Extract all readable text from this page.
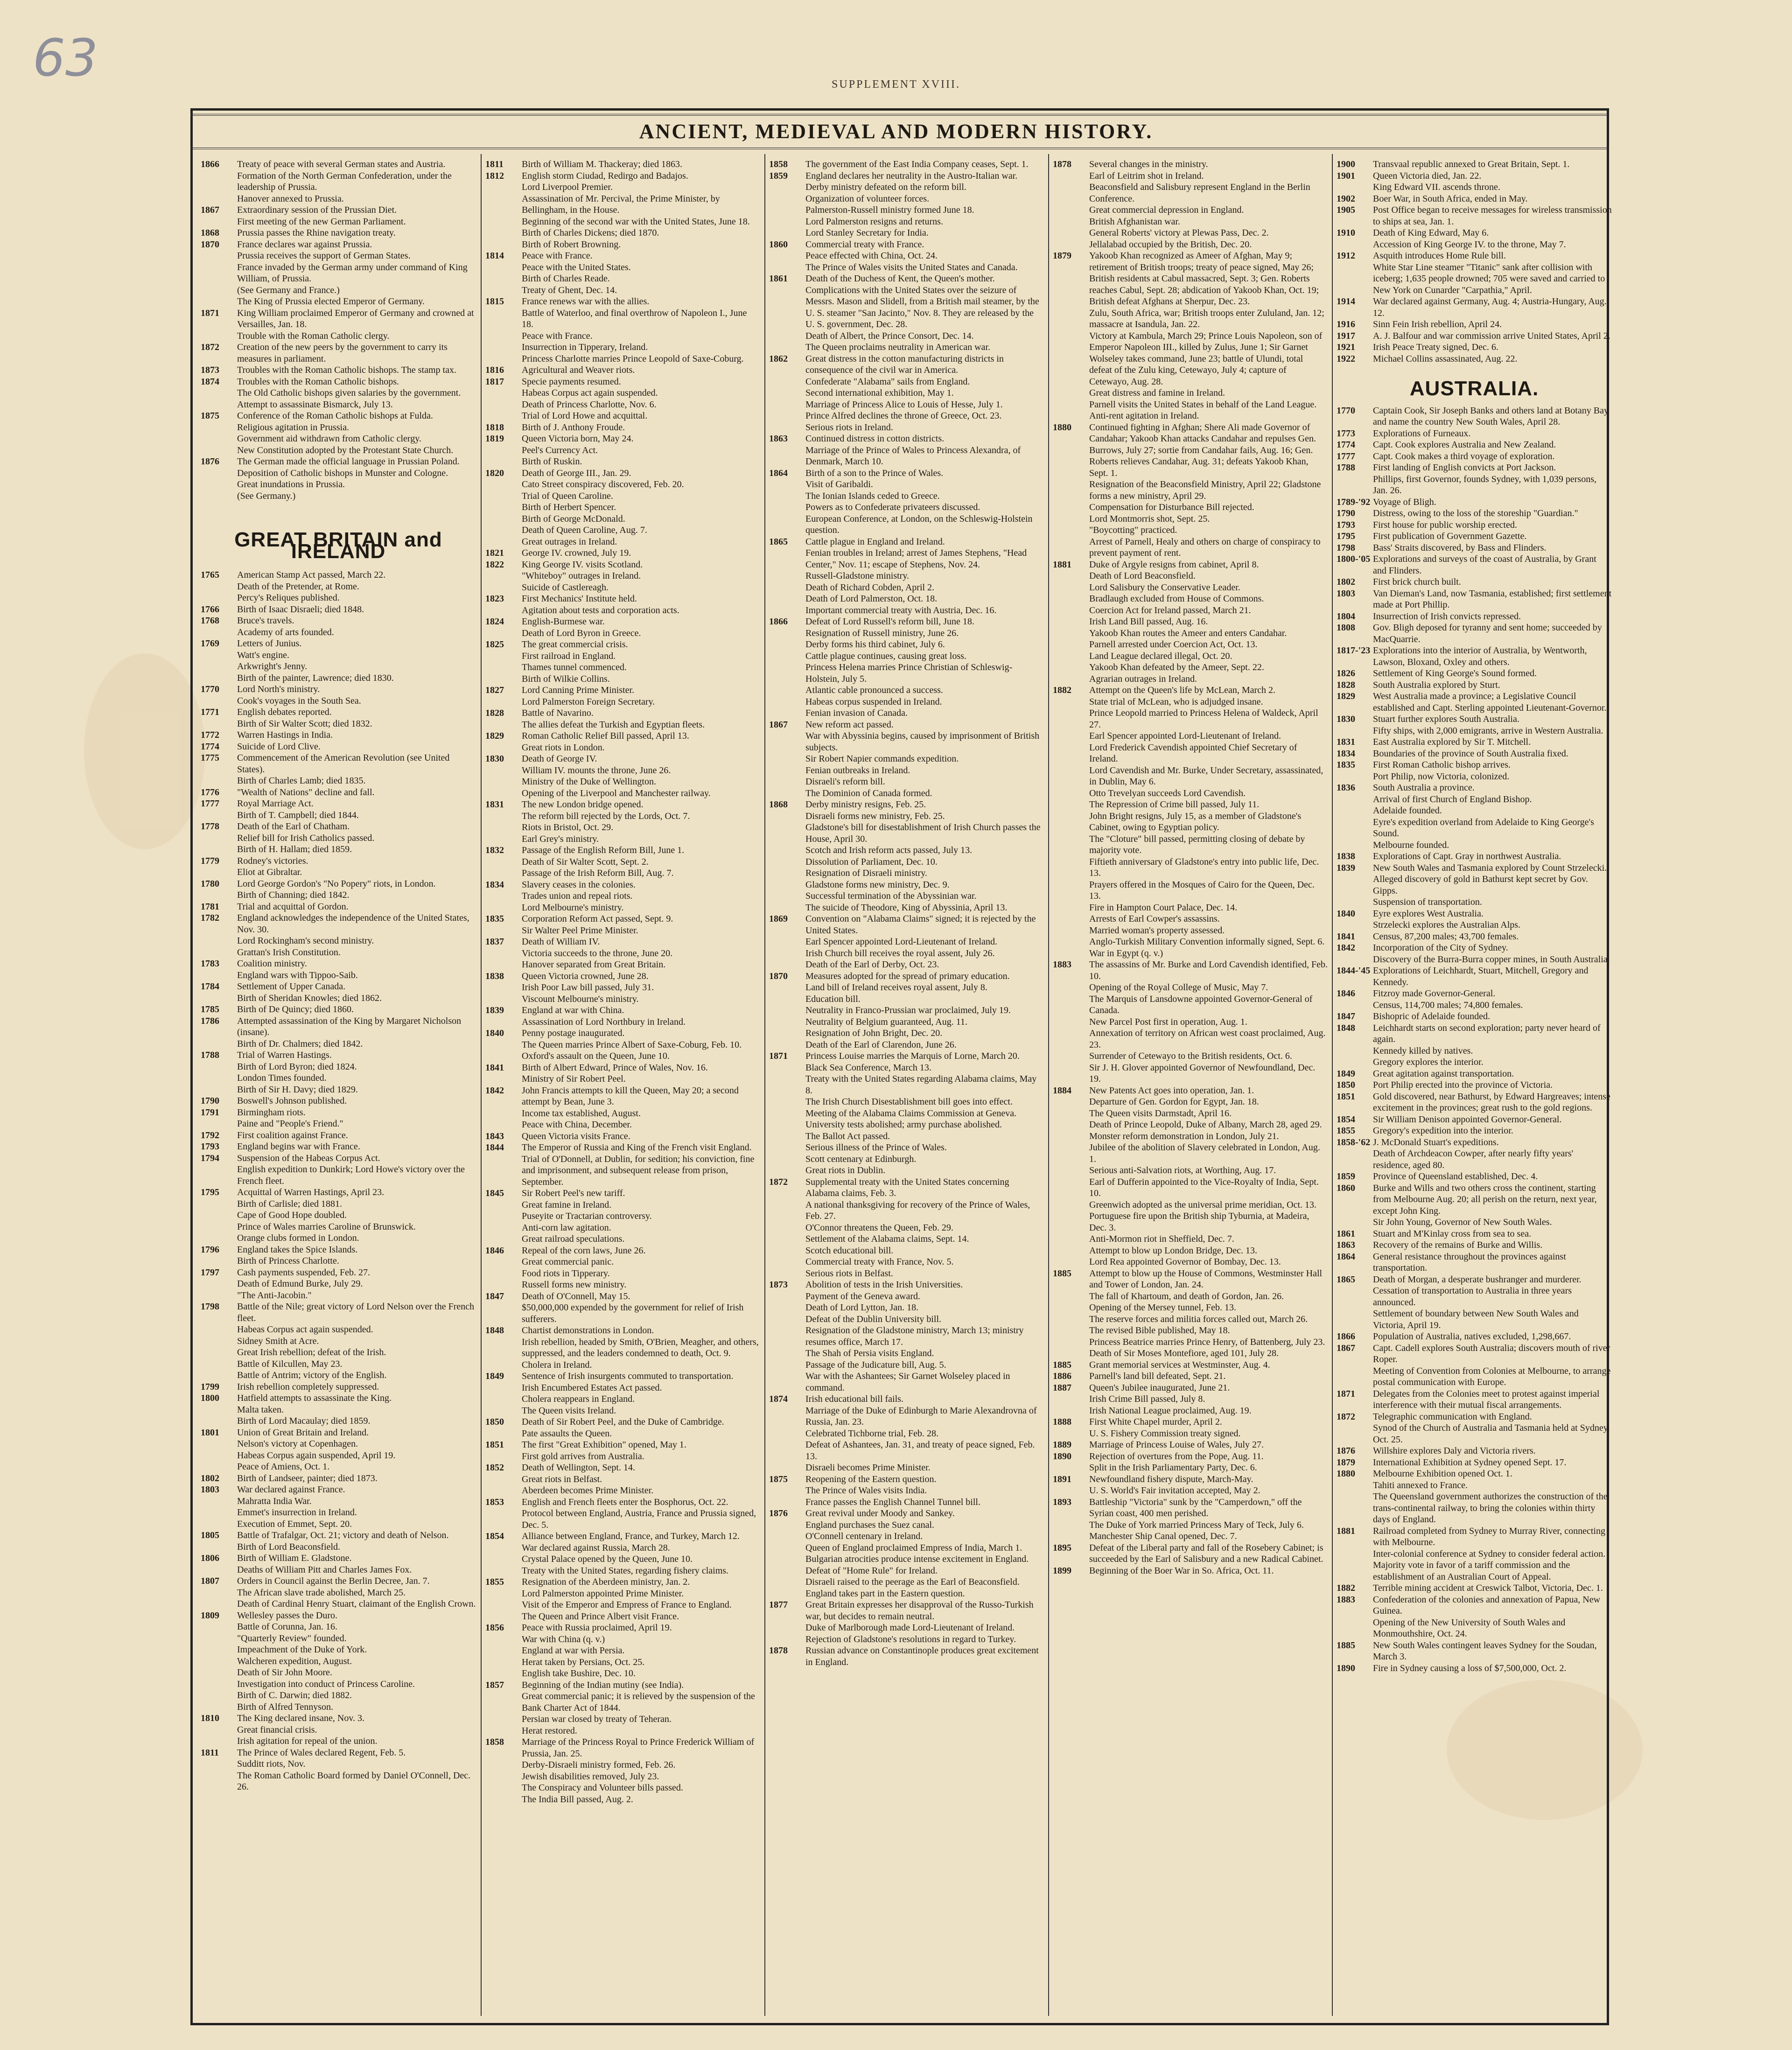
63	SUPPLEMENT XVIII.
ANCIENT, MEDIEVAL AND MODERN HISTORY.
1866	Treaty of peace with several German states and Austria.
Formation of the North German Confederation, under the leadership of Prussia.
Hanover annexed to Prussia.
1867	Extraordinary session of the Prussian Diet.
First meeting of the new German Parliament.
1868	Prussia passes the Rhine navigation treaty.
1870	France declares war against Prussia.
Prussia receives the support of German States.
France invaded by the German army under command of King William, of Prussia.
(See Germany and France.)
The King of Prussia elected Emperor of Germany.
1871	King William proclaimed Emperor of Germany and crowned at Versailles, Jan. 18.
Trouble with the Roman Catholic clergy.
1872	Creation of the new peers by the government to carry its measures in parliament.
1873	Troubles with the Roman Catholic bishops. The stamp tax.
1874	Troubles with the Roman Catholic bishops.
The Old Catholic bishops given salaries by the government.
Attempt to assassinate Bismarck, July 13.
1875	Conference of the Roman Catholic bishops at Fulda.
Religious agitation in Prussia.
Government aid withdrawn from Catholic clergy.
New Constitution adopted by the Protestant State Church.
1876	The German made the official language in Prussian Poland.
Deposition of Catholic bishops in Munster and Cologne.
Great inundations in Prussia.
(See Germany.)
GREAT BRITAIN and IRELAND
1765	American Stamp Act passed, March 22.
Death of the Pretender, at Rome.
Percy's Reliques published.
1766	Birth of Isaac Disraeli; died 1848.
1768	Bruce's travels.
Academy of arts founded.
1769	Letters of Junius.
Watt's engine.
Arkwright's Jenny.
Birth of the painter, Lawrence; died 1830.
1770	Lord North's ministry.
Cook's voyages in the South Sea.
1771	English debates reported.
Birth of Sir Walter Scott; died 1832.
1772	Warren Hastings in India.
1774	Suicide of Lord Clive.
1775	Commencement of the American Revolution (see United States).
Birth of Charles Lamb; died 1835.
1776	"Wealth of Nations" decline and fall.
1777	Royal Marriage Act.
Birth of T. Campbell; died 1844.
1778	Death of the Earl of Chatham.
Relief bill for Irish Catholics passed.
Birth of H. Hallam; died 1859.
1779	Rodney's victories.
Eliot at Gibraltar.
1780	Lord George Gordon's "No Popery" riots, in London.
Birth of Channing; died 1842.
1781	Trial and acquittal of Gordon.
1782	England acknowledges the independence of the United States, Nov. 30.
Lord Rockingham's second ministry.
Grattan's Irish Constitution.
1783	Coalition ministry.
England wars with Tippoo-Saib.
1784	Settlement of Upper Canada.
Birth of Sheridan Knowles; died 1862.
1785	Birth of De Quincy; died 1860.
1786	Attempted assassination of the King by Margaret Nicholson (insane).
Birth of Dr. Chalmers; died 1842.
1788	Trial of Warren Hastings.
Birth of Lord Byron; died 1824.
London Times founded.
Birth of Sir H. Davy; died 1829.
1790	Boswell's Johnson published.
1791	Birmingham riots.
Paine and "People's Friend."
1792	First coalition against France.
1793	England begins war with France.
1794	Suspension of the Habeas Corpus Act.
English expedition to Dunkirk; Lord Howe's victory over the French fleet.
1795	Acquittal of Warren Hastings, April 23.
Birth of Carlisle; died 1881.
Cape of Good Hope doubled.
Prince of Wales marries Caroline of Brunswick.
Orange clubs formed in London.
1796	England takes the Spice Islands.
Birth of Princess Charlotte.
1797	Cash payments suspended, Feb. 27.
Death of Edmund Burke, July 29.
"The Anti-Jacobin."
1798	Battle of the Nile; great victory of Lord Nelson over the French fleet.
Habeas Corpus act again suspended.
Sidney Smith at Acre.
Great Irish rebellion; defeat of the Irish.
Battle of Kilcullen, May 23.
Battle of Antrim; victory of the English.
1799	Irish rebellion completely suppressed.
1800	Hatfield attempts to assassinate the King.
Malta taken.
Birth of Lord Macaulay; died 1859.
1801	Union of Great Britain and Ireland.
Nelson's victory at Copenhagen.
Habeas Corpus again suspended, April 19.
Peace of Amiens, Oct. 1.
1802	Birth of Landseer, painter; died 1873.
1803	War declared against France.
Mahratta India War.
Emmet's insurrection in Ireland.
Execution of Emmet, Sept. 20.
1805	Battle of Trafalgar, Oct. 21; victory and death of Nelson.
Birth of Lord Beaconsfield.
1806	Birth of William E. Gladstone.
Deaths of William Pitt and Charles James Fox.
1807	Orders in Council against the Berlin Decree, Jan. 7.
The African slave trade abolished, March 25.
Death of Cardinal Henry Stuart, claimant of the English Crown.
1809	Wellesley passes the Duro.
Battle of Corunna, Jan. 16.
"Quarterly Review" founded.
Impeachment of the Duke of York.
Walcheren expedition, August.
Death of Sir John Moore.
Investigation into conduct of Princess Caroline.
Birth of C. Darwin; died 1882.
Birth of Alfred Tennyson.
1810	The King declared insane, Nov. 3.
Great financial crisis.
Irish agitation for repeal of the union.
1811	The Prince of Wales declared Regent, Feb. 5.
Sudditt riots, Nov.
The Roman Catholic Board formed by Daniel O'Connell, Dec. 26.
1811	Birth of William M. Thackeray; died 1863.
1812	English storm Ciudad, Redirgo and Badajos.
Lord Liverpool Premier.
Assassination of Mr. Percival, the Prime Minister, by Bellingham, in the House.
Beginning of the second war with the United States, June 18.
Birth of Charles Dickens; died 1870.
Birth of Robert Browning.
1814	Peace with France.
Peace with the United States.
Birth of Charles Reade.
Treaty of Ghent, Dec. 14.
1815	France renews war with the allies.
Battle of Waterloo, and final overthrow of Napoleon I., June 18.
Peace with France.
Insurrection in Tipperary, Ireland.
Princess Charlotte marries Prince Leopold of Saxe-Coburg.
1816	Agricultural and Weaver riots.
1817	Specie payments resumed.
Habeas Corpus act again suspended.
Death of Princess Charlotte, Nov. 6.
Trial of Lord Howe and acquittal.
1818	Birth of J. Anthony Froude.
1819	Queen Victoria born, May 24.
Peel's Currency Act.
Birth of Ruskin.
1820	Death of George III., Jan. 29.
Cato Street conspiracy discovered, Feb. 20.
Trial of Queen Caroline.
Birth of Herbert Spencer.
Birth of George McDonald.
Death of Queen Caroline, Aug. 7.
Great outrages in Ireland.
1821	George IV. crowned, July 19.
1822	King George IV. visits Scotland.
"Whiteboy" outrages in Ireland.
Suicide of Castlereagh.
1823	First Mechanics' Institute held.
Agitation about tests and corporation acts.
1824	English-Burmese war.
Death of Lord Byron in Greece.
1825	The great commercial crisis.
First railroad in England.
Thames tunnel commenced.
Birth of Wilkie Collins.
1827	Lord Canning Prime Minister.
Lord Palmerston Foreign Secretary.
1828	Battle of Navarino.
The allies defeat the Turkish and Egyptian fleets.
1829	Roman Catholic Relief Bill passed, April 13.
Great riots in London.
1830	Death of George IV.
William IV. mounts the throne, June 26.
Ministry of the Duke of Wellington.
Opening of the Liverpool and Manchester railway.
1831	The new London bridge opened.
The reform bill rejected by the Lords, Oct. 7.
Riots in Bristol, Oct. 29.
Earl Grey's ministry.
1832	Passage of the English Reform Bill, June 1.
Death of Sir Walter Scott, Sept. 2.
Passage of the Irish Reform Bill, Aug. 7.
1834	Slavery ceases in the colonies.
Trades union and repeal riots.
Lord Melbourne's ministry.
1835	Corporation Reform Act passed, Sept. 9.
Sir Walter Peel Prime Minister.
1837	Death of William IV.
Victoria succeeds to the throne, June 20.
Hanover separated from Great Britain.
1838	Queen Victoria crowned, June 28.
Irish Poor Law bill passed, July 31.
Viscount Melbourne's ministry.
1839	England at war with China.
Assassination of Lord Northbury in Ireland.
1840	Penny postage inaugurated.
The Queen marries Prince Albert of Saxe-Coburg, Feb. 10.
Oxford's assault on the Queen, June 10.
1841	Birth of Albert Edward, Prince of Wales, Nov. 16.
Ministry of Sir Robert Peel.
1842	John Francis attempts to kill the Queen, May 20; a second attempt by Bean, June 3.
Income tax established, August.
Peace with China, December.
1843	Queen Victoria visits France.
1844	The Emperor of Russia and King of the French visit England.
Trial of O'Donnell, at Dublin, for sedition; his conviction, fine and imprisonment, and subsequent release from prison, September.
1845	Sir Robert Peel's new tariff.
Great famine in Ireland.
Puseyite or Tractarian controversy.
Anti-corn law agitation.
Great railroad speculations.
1846	Repeal of the corn laws, June 26.
Great commercial panic.
Food riots in Tipperary.
Russell forms new ministry.
1847	Death of O'Connell, May 15.
$50,000,000 expended by the government for relief of Irish sufferers.
1848	Chartist demonstrations in London.
Irish rebellion, headed by Smith, O'Brien, Meagher, and others, suppressed, and the leaders condemned to death, Oct. 9.
Cholera in Ireland.
1849	Sentence of Irish insurgents commuted to transportation.
Irish Encumbered Estates Act passed.
Cholera reappears in England.
The Queen visits Ireland.
1850	Death of Sir Robert Peel, and the Duke of Cambridge.
Pate assaults the Queen.
1851	The first "Great Exhibition" opened, May 1.
First gold arrives from Australia.
1852	Death of Wellington, Sept. 14.
Great riots in Belfast.
Aberdeen becomes Prime Minister.
1853	English and French fleets enter the Bosphorus, Oct. 22.
Protocol between England, Austria, France and Prussia signed, Dec. 5.
1854	Alliance between England, France, and Turkey, March 12.
War declared against Russia, March 28.
Crystal Palace opened by the Queen, June 10.
Treaty with the United States, regarding fishery claims.
1855	Resignation of the Aberdeen ministry, Jan. 2.
Lord Palmerston appointed Prime Minister.
Visit of the Emperor and Empress of France to England.
The Queen and Prince Albert visit France.
1856	Peace with Russia proclaimed, April 19.
War with China (q. v.)
England at war with Persia.
Herat taken by Persians, Oct. 25.
English take Bushire, Dec. 10.
1857	Beginning of the Indian mutiny (see India).
Great commercial panic; it is relieved by the suspension of the Bank Charter Act of 1844.
Persian war closed by treaty of Teheran.
Herat restored.
1858	Marriage of the Princess Royal to Prince Frederick William of Prussia, Jan. 25.
Derby-Disraeli ministry formed, Feb. 26.
Jewish disabilities removed, July 23.
The Conspiracy and Volunteer bills passed.
The India Bill passed, Aug. 2.
1858	The government of the East India Company ceases, Sept. 1.
1859	England declares her neutrality in the Austro-Italian war.
Derby ministry defeated on the reform bill.
Organization of volunteer forces.
Palmerston-Russell ministry formed June 18.
Lord Palmerston resigns and returns.
Lord Stanley Secretary for India.
1860	Commercial treaty with France.
Peace effected with China, Oct. 24.
The Prince of Wales visits the United States and Canada.
1861	Death of the Duchess of Kent, the Queen's mother.
Complications with the United States over the seizure of Messrs. Mason and Slidell, from a British mail steamer, by the U. S. steamer "San Jacinto," Nov. 8. They are released by the U. S. government, Dec. 28.
Death of Albert, the Prince Consort, Dec. 14.
The Queen proclaims neutrality in American war.
1862	Great distress in the cotton manufacturing districts in consequence of the civil war in America.
Confederate "Alabama" sails from England.
Second international exhibition, May 1.
Marriage of Princess Alice to Louis of Hesse, July 1.
Prince Alfred declines the throne of Greece, Oct. 23.
Serious riots in Ireland.
1863	Continued distress in cotton districts.
Marriage of the Prince of Wales to Princess Alexandra, of Denmark, March 10.
1864	Birth of a son to the Prince of Wales.
Visit of Garibaldi.
The Ionian Islands ceded to Greece.
Powers as to Confederate privateers discussed.
European Conference, at London, on the Schleswig-Holstein question.
1865	Cattle plague in England and Ireland.
Fenian troubles in Ireland; arrest of James Stephens, "Head Center," Nov. 11; escape of Stephens, Nov. 24.
Russell-Gladstone ministry.
Death of Richard Cobden, April 2.
Death of Lord Palmerston, Oct. 18.
Important commercial treaty with Austria, Dec. 16.
1866	Defeat of Lord Russell's reform bill, June 18.
Resignation of Russell ministry, June 26.
Derby forms his third cabinet, July 6.
Cattle plague continues, causing great loss.
Princess Helena marries Prince Christian of Schleswig-Holstein, July 5.
Atlantic cable pronounced a success.
Habeas corpus suspended in Ireland.
Fenian invasion of Canada.
1867	New reform act passed.
War with Abyssinia begins, caused by imprisonment of British subjects.
Sir Robert Napier commands expedition.
Fenian outbreaks in Ireland.
Disraeli's reform bill.
The Dominion of Canada formed.
1868	Derby ministry resigns, Feb. 25.
Disraeli forms new ministry, Feb. 25.
Gladstone's bill for disestablishment of Irish Church passes the House, April 30.
Scotch and Irish reform acts passed, July 13.
Dissolution of Parliament, Dec. 10.
Resignation of Disraeli ministry.
Gladstone forms new ministry, Dec. 9.
Successful termination of the Abyssinian war.
The suicide of Theodore, King of Abyssinia, April 13.
1869	Convention on "Alabama Claims" signed; it is rejected by the United States.
Earl Spencer appointed Lord-Lieutenant of Ireland.
Irish Church bill receives the royal assent, July 26.
Death of the Earl of Derby, Oct. 23.
1870	Measures adopted for the spread of primary education.
Land bill of Ireland receives royal assent, July 8.
Education bill.
Neutrality in Franco-Prussian war proclaimed, July 19.
Neutrality of Belgium guaranteed, Aug. 11.
Resignation of John Bright, Dec. 20.
Death of the Earl of Clarendon, June 26.
1871	Princess Louise marries the Marquis of Lorne, March 20.
Black Sea Conference, March 13.
Treaty with the United States regarding Alabama claims, May 8.
The Irish Church Disestablishment bill goes into effect.
Meeting of the Alabama Claims Commission at Geneva.
University tests abolished; army purchase abolished.
The Ballot Act passed.
Serious illness of the Prince of Wales.
Scott centenary at Edinburgh.
Great riots in Dublin.
1872	Supplemental treaty with the United States concerning Alabama claims, Feb. 3.
A national thanksgiving for recovery of the Prince of Wales, Feb. 27.
O'Connor threatens the Queen, Feb. 29.
Settlement of the Alabama claims, Sept. 14.
Scotch educational bill.
Commercial treaty with France, Nov. 5.
Serious riots in Belfast.
1873	Abolition of tests in the Irish Universities.
Payment of the Geneva award.
Death of Lord Lytton, Jan. 18.
Defeat of the Dublin University bill.
Resignation of the Gladstone ministry, March 13; ministry resumes office, March 17.
The Shah of Persia visits England.
Passage of the Judicature bill, Aug. 5.
War with the Ashantees; Sir Garnet Wolseley placed in command.
1874	Irish educational bill fails.
Marriage of the Duke of Edinburgh to Marie Alexandrovna of Russia, Jan. 23.
Celebrated Tichborne trial, Feb. 28.
Defeat of Ashantees, Jan. 31, and treaty of peace signed, Feb. 13.
Disraeli becomes Prime Minister.
1875	Reopening of the Eastern question.
The Prince of Wales visits India.
France passes the English Channel Tunnel bill.
1876	Great revival under Moody and Sankey.
England purchases the Suez canal.
O'Connell centenary in Ireland.
Queen of England proclaimed Empress of India, March 1.
Bulgarian atrocities produce intense excitement in England.
Defeat of "Home Rule" for Ireland.
Disraeli raised to the peerage as the Earl of Beaconsfield.
England takes part in the Eastern question.
1877	Great Britain expresses her disapproval of the Russo-Turkish war, but decides to remain neutral.
Duke of Marlborough made Lord-Lieutenant of Ireland.
Rejection of Gladstone's resolutions in regard to Turkey.
1878	Russian advance on Constantinople produces great excitement in England.
1878	Several changes in the ministry.
Earl of Leitrim shot in Ireland.
Beaconsfield and Salisbury represent England in the Berlin Conference.
Great commercial depression in England.
British Afghanistan war.
General Roberts' victory at Plewas Pass, Dec. 2.
Jellalabad occupied by the British, Dec. 20.
1879	Yakoob Khan recognized as Ameer of Afghan, May 9; retirement of British troops; treaty of peace signed, May 26; British residents at Cabul massacred, Sept. 3; Gen. Roberts reaches Cabul, Sept. 28; abdication of Yakoob Khan, Oct. 19; British defeat Afghans at Sherpur, Dec. 23.
Zulu, South Africa, war; British troops enter Zululand, Jan. 12; massacre at Isandula, Jan. 22.
Victory at Kambula, March 29; Prince Louis Napoleon, son of Emperor Napoleon III., killed by Zulus, June 1; Sir Garnet Wolseley takes command, June 23; battle of Ulundi, total defeat of the Zulu king, Cetewayo, July 4; capture of Cetewayo, Aug. 28.
Great distress and famine in Ireland.
Parnell visits the United States in behalf of the Land League.
Anti-rent agitation in Ireland.
1880	Continued fighting in Afghan; Shere Ali made Governor of Candahar; Yakoob Khan attacks Candahar and repulses Gen. Burrows, July 27; sortie from Candahar fails, Aug. 16; Gen. Roberts relieves Candahar, Aug. 31; defeats Yakoob Khan, Sept. 1.
Resignation of the Beaconsfield Ministry, April 22; Gladstone forms a new ministry, April 29.
Compensation for Disturbance Bill rejected.
Lord Montmorris shot, Sept. 25.
"Boycotting" practiced.
Arrest of Parnell, Healy and others on charge of conspiracy to prevent payment of rent.
1881	Duke of Argyle resigns from cabinet, April 8.
Death of Lord Beaconsfield.
Lord Salisbury the Conservative Leader.
Bradlaugh excluded from House of Commons.
Coercion Act for Ireland passed, March 21.
Irish Land Bill passed, Aug. 16.
Yakoob Khan routes the Ameer and enters Candahar.
Parnell arrested under Coercion Act, Oct. 13.
Land League declared illegal, Oct. 20.
Yakoob Khan defeated by the Ameer, Sept. 22.
Agrarian outrages in Ireland.
1882	Attempt on the Queen's life by McLean, March 2.
State trial of McLean, who is adjudged insane.
Prince Leopold married to Princess Helena of Waldeck, April 27.
Earl Spencer appointed Lord-Lieutenant of Ireland.
Lord Frederick Cavendish appointed Chief Secretary of Ireland.
Lord Cavendish and Mr. Burke, Under Secretary, assassinated, in Dublin, May 6.
Otto Trevelyan succeeds Lord Cavendish.
The Repression of Crime bill passed, July 11.
John Bright resigns, July 15, as a member of Gladstone's Cabinet, owing to Egyptian policy.
The "Cloture" bill passed, permitting closing of debate by majority vote.
Fiftieth anniversary of Gladstone's entry into public life, Dec. 13.
Prayers offered in the Mosques of Cairo for the Queen, Dec. 13.
Fire in Hampton Court Palace, Dec. 14.
Arrests of Earl Cowper's assassins.
Married woman's property assessed.
Anglo-Turkish Military Convention informally signed, Sept. 6.
War in Egypt (q. v.)
1883	The assassins of Mr. Burke and Lord Cavendish identified, Feb. 10.
Opening of the Royal College of Music, May 7.
The Marquis of Lansdowne appointed Governor-General of Canada.
New Parcel Post first in operation, Aug. 1.
Annexation of territory on African west coast proclaimed, Aug. 23.
Surrender of Cetewayo to the British residents, Oct. 6.
Sir J. H. Glover appointed Governor of Newfoundland, Dec. 19.
1884	New Patents Act goes into operation, Jan. 1.
Departure of Gen. Gordon for Egypt, Jan. 18.
The Queen visits Darmstadt, April 16.
Death of Prince Leopold, Duke of Albany, March 28, aged 29.
Monster reform demonstration in London, July 21.
Jubilee of the abolition of Slavery celebrated in London, Aug. 1.
Serious anti-Salvation riots, at Worthing, Aug. 17.
Earl of Dufferin appointed to the Vice-Royalty of India, Sept. 10.
Greenwich adopted as the universal prime meridian, Oct. 13.
Portuguese fire upon the British ship Tyburnia, at Madeira, Dec. 3.
Anti-Mormon riot in Sheffield, Dec. 7.
Attempt to blow up London Bridge, Dec. 13.
Lord Rea appointed Governor of Bombay, Dec. 13.
1885	Attempt to blow up the House of Commons, Westminster Hall and Tower of London, Jan. 24.
The fall of Khartoum, and death of Gordon, Jan. 26.
Opening of the Mersey tunnel, Feb. 13.
The reserve forces and militia forces called out, March 26.
The revised Bible published, May 18.
Princess Beatrice marries Prince Henry, of Battenberg, July 23.
Death of Sir Moses Montefiore, aged 101, July 28.
1885	Grant memorial services at Westminster, Aug. 4.
1886	Parnell's land bill defeated, Sept. 21.
1887	Queen's Jubilee inaugurated, June 21.
Irish Crime Bill passed, July 8.
Irish National League proclaimed, Aug. 19.
1888	First White Chapel murder, April 2.
U. S. Fishery Commission treaty signed.
1889	Marriage of Princess Louise of Wales, July 27.
1890	Rejection of overtures from the Pope, Aug. 11.
Split in the Irish Parliamentary Party, Dec. 6.
1891	Newfoundland fishery dispute, March-May.
U. S. World's Fair invitation accepted, May 2.
1893	Battleship "Victoria" sunk by the "Camperdown," off the Syrian coast, 400 men perished.
The Duke of York married Princess Mary of Teck, July 6.
Manchester Ship Canal opened, Dec. 7.
1895	Defeat of the Liberal party and fall of the Rosebery Cabinet; is succeeded by the Earl of Salisbury and a new Radical Cabinet.
1899	Beginning of the Boer War in So. Africa, Oct. 11.
1900	Transvaal republic annexed to Great Britain, Sept. 1.
1901	Queen Victoria died, Jan. 22.
King Edward VII. ascends throne.
1902	Boer War, in South Africa, ended in May.
1905	Post Office began to receive messages for wireless transmission to ships at sea, Jan. 1.
1910	Death of King Edward, May 6.
Accession of King George IV. to the throne, May 7.
1912	Asquith introduces Home Rule bill.
White Star Line steamer "Titanic" sank after collision with iceberg; 1,635 people drowned; 705 were saved and carried to New York on Cunarder "Carpathia," April.
1914	War declared against Germany, Aug. 4; Austria-Hungary, Aug. 12.
1916	Sinn Fein Irish rebellion, April 24.
1917	A. J. Balfour and war commission arrive United States, April 2.
1921	Irish Peace Treaty signed, Dec. 6.
1922	Michael Collins assassinated, Aug. 22.
AUSTRALIA.
1770	Captain Cook, Sir Joseph Banks and others land at Botany Bay and name the country New South Wales, April 28.
1773	Explorations of Furneaux.
1774	Capt. Cook explores Australia and New Zealand.
1777	Capt. Cook makes a third voyage of exploration.
1788	First landing of English convicts at Port Jackson.
Phillips, first Governor, founds Sydney, with 1,039 persons, Jan. 26.
1789-'92 Voyage of Bligh.
1790	Distress, owing to the loss of the storeship "Guardian."
1793	First house for public worship erected.
1795	First publication of Government Gazette.
1798	Bass' Straits discovered, by Bass and Flinders.
1800-'05 Explorations and surveys of the coast of Australia, by Grant and Flinders.
1802	First brick church built.
1803	Van Dieman's Land, now Tasmania, established; first settlement made at Port Phillip.
1804	Insurrection of Irish convicts repressed.
1808	Gov. Bligh deposed for tyranny and sent home; succeeded by MacQuarrie.
1817-'23 Explorations into the interior of Australia, by Wentworth, Lawson, Bloxand, Oxley and others.
1826	Settlement of King George's Sound formed.
1828	South Australia explored by Sturt.
1829	West Australia made a province; a Legislative Council established and Capt. Sterling appointed Lieutenant-Governor.
1830	Stuart further explores South Australia.
Fifty ships, with 2,000 emigrants, arrive in Western Australia.
1831	East Australia explored by Sir T. Mitchell.
1834	Boundaries of the province of South Australia fixed.
1835	First Roman Catholic bishop arrives.
Port Philip, now Victoria, colonized.
1836	South Australia a province.
Arrival of first Church of England Bishop.
Adelaide founded.
Eyre's expedition overland from Adelaide to King George's Sound.
Melbourne founded.
1838	Explorations of Capt. Gray in northwest Australia.
1839	New South Wales and Tasmania explored by Count Strzelecki.
Alleged discovery of gold in Bathurst kept secret by Gov. Gipps.
Suspension of transportation.
1840	Eyre explores West Australia.
Strzelecki explores the Australian Alps.
1841	Census, 87,200 males; 43,700 females.
1842	Incorporation of the City of Sydney.
Discovery of the Burra-Burra copper mines, in South Australia.
1844-'45 Explorations of Leichhardt, Stuart, Mitchell, Gregory and Kennedy.
1846	Fitzroy made Governor-General.
Census, 114,700 males; 74,800 females.
1847	Bishopric of Adelaide founded.
1848	Leichhardt starts on second exploration; party never heard of again.
Kennedy killed by natives.
Gregory explores the interior.
1849	Great agitation against transportation.
1850	Port Philip erected into the province of Victoria.
1851	Gold discovered, near Bathurst, by Edward Hargreaves; intense excitement in the provinces; great rush to the gold regions.
1854	Sir William Denison appointed Governor-General.
1855	Gregory's expedition into the interior.
1858-'62 J. McDonald Stuart's expeditions.
Death of Archdeacon Cowper, after nearly fifty years' residence, aged 80.
1859	Province of Queensland established, Dec. 4.
1860	Burke and Wills and two others cross the continent, starting from Melbourne Aug. 20; all perish on the return, next year, except John King.
Sir John Young, Governor of New South Wales.
1861	Stuart and M'Kinlay cross from sea to sea.
1863	Recovery of the remains of Burke and Willis.
1864	General resistance throughout the provinces against transportation.
1865	Death of Morgan, a desperate bushranger and murderer.
Cessation of transportation to Australia in three years announced.
Settlement of boundary between New South Wales and Victoria, April 19.
1866	Population of Australia, natives excluded, 1,298,667.
1867	Capt. Cadell explores South Australia; discovers mouth of river Roper.
Meeting of Convention from Colonies at Melbourne, to arrange postal communication with Europe.
1871	Delegates from the Colonies meet to protest against imperial interference with their mutual fiscal arrangements.
1872	Telegraphic communication with England.
Synod of the Church of Australia and Tasmania held at Sydney, Oct. 25.
1876	Willshire explores Daly and Victoria rivers.
1879	International Exhibition at Sydney opened Sept. 17.
1880	Melbourne Exhibition opened Oct. 1.
Tahiti annexed to France.
The Queensland government authorizes the construction of the trans-continental railway, to bring the colonies within thirty days of England.
1881	Railroad completed from Sydney to Murray River, connecting with Melbourne.
Inter-colonial conference at Sydney to consider federal action.
Majority vote in favor of a tariff commission and the establishment of an Australian Court of Appeal.
1882	Terrible mining accident at Creswick Talbot, Victoria, Dec. 1.
1883	Confederation of the colonies and annexation of Papua, New Guinea.
Opening of the New University of South Wales and Monmouthshire, Oct. 24.
1885	New South Wales contingent leaves Sydney for the Soudan, March 3.
1890	Fire in Sydney causing a loss of $7,500,000, Oct. 2.
